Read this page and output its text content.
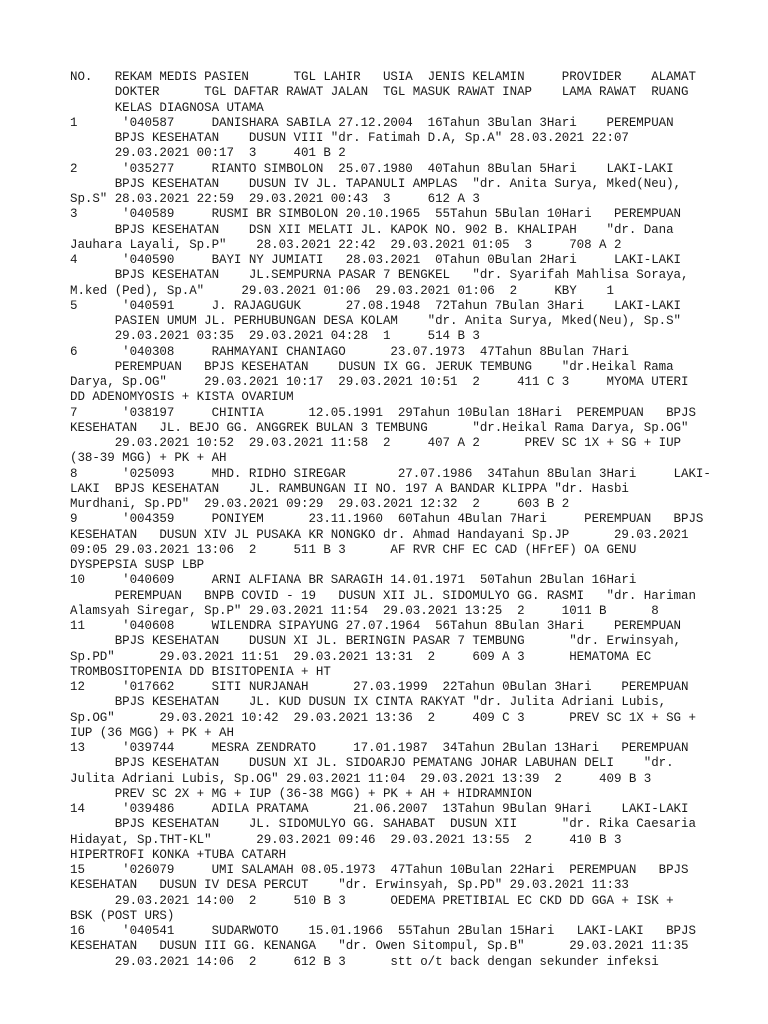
NO.   REKAM MEDIS PASIEN      TGL LAHIR   USIA  JENIS KELAMIN     PROVIDER    ALAMAT
DOKTER      TGL DAFTAR RAWAT JALAN  TGL MASUK RAWAT INAP    LAMA RAWAT  RUANG
KELAS DIAGNOSA UTAMA
1      '040587     DANISHARA SABILA 27.12.2004  16Tahun 3Bulan 3Hari    PEREMPUAN
BPJS KESEHATAN    DUSUN VIII "dr. Fatimah D.A, Sp.A" 28.03.2021 22:07
29.03.2021 00:17  3     401 B 2
2      '035277     RIANTO SIMBOLON  25.07.1980  40Tahun 8Bulan 5Hari    LAKI-LAKI
BPJS KESEHATAN    DUSUN IV JL. TAPANULI AMPLAS  "dr. Anita Surya, Mked(Neu),
Sp.S" 28.03.2021 22:59  29.03.2021 00:43  3     612 A 3
3      '040589     RUSMI BR SIMBOLON 20.10.1965  55Tahun 5Bulan 10Hari   PEREMPUAN
BPJS KESEHATAN    DSN XII MELATI JL. KAPOK NO. 902 B. KHALIPAH    "dr. Dana
Jauhara Layali, Sp.P"    28.03.2021 22:42  29.03.2021 01:05  3     708 A 2
4      '040590     BAYI NY JUMIATI   28.03.2021  0Tahun 0Bulan 2Hari     LAKI-LAKI
BPJS KESEHATAN    JL.SEMPURNA PASAR 7 BENGKEL   "dr. Syarifah Mahlisa Soraya,
M.ked (Ped), Sp.A"     29.03.2021 01:06  29.03.2021 01:06  2     KBY    1
5      '040591     J. RAJAGUGUK      27.08.1948  72Tahun 7Bulan 3Hari    LAKI-LAKI
PASIEN UMUM JL. PERHUBUNGAN DESA KOLAM    "dr. Anita Surya, Mked(Neu), Sp.S"
29.03.2021 03:35  29.03.2021 04:28  1     514 B 3
6      '040308     RAHMAYANI CHANIAGO      23.07.1973  47Tahun 8Bulan 7Hari
PEREMPUAN   BPJS KESEHATAN    DUSUN IX GG. JERUK TEMBUNG    "dr.Heikal Rama
Darya, Sp.OG"     29.03.2021 10:17  29.03.2021 10:51  2     411 C 3     MYOMA UTERI
DD ADENOMYOSIS + KISTA OVARIUM
7      '038197     CHINTIA      12.05.1991  29Tahun 10Bulan 18Hari  PEREMPUAN   BPJS
KESEHATAN   JL. BEJO GG. ANGGREK BULAN 3 TEMBUNG      "dr.Heikal Rama Darya, Sp.OG"
29.03.2021 10:52  29.03.2021 11:58  2     407 A 2      PREV SC 1X + SG + IUP
(38-39 MGG) + PK + AH
8      '025093     MHD. RIDHO SIREGAR       27.07.1986  34Tahun 8Bulan 3Hari     LAKI-
LAKI  BPJS KESEHATAN    JL. RAMBUNGAN II NO. 197 A BANDAR KLIPPA "dr. Hasbi
Murdhani, Sp.PD"  29.03.2021 09:29  29.03.2021 12:32  2     603 B 2
9      '004359     PONIYEM      23.11.1960  60Tahun 4Bulan 7Hari     PEREMPUAN   BPJS
KESEHATAN   DUSUN XIV JL PUSAKA KR NONGKO dr. Ahmad Handayani Sp.JP      29.03.2021
09:05 29.03.2021 13:06  2     511 B 3      AF RVR CHF EC CAD (HFrEF) OA GENU
DYSPEPSIA SUSP LBP
10     '040609     ARNI ALFIANA BR SARAGIH 14.01.1971  50Tahun 2Bulan 16Hari
PEREMPUAN   BNPB COVID - 19   DUSUN XII JL. SIDOMULYO GG. RASMI   "dr. Hariman
Alamsyah Siregar, Sp.P" 29.03.2021 11:54  29.03.2021 13:25  2     1011 B      8
11     '040608     WILENDRA SIPAYUNG 27.07.1964  56Tahun 8Bulan 3Hari    PEREMPUAN
BPJS KESEHATAN    DUSUN XI JL. BERINGIN PASAR 7 TEMBUNG      "dr. Erwinsyah,
Sp.PD"      29.03.2021 11:51  29.03.2021 13:31  2     609 A 3      HEMATOMA EC
TROMBOSITOPENIA DD BISITOPENIA + HT
12     '017662     SITI NURJANAH      27.03.1999  22Tahun 0Bulan 3Hari    PEREMPUAN
BPJS KESEHATAN    JL. KUD DUSUN IX CINTA RAKYAT "dr. Julita Adriani Lubis,
Sp.OG"      29.03.2021 10:42  29.03.2021 13:36  2     409 C 3      PREV SC 1X + SG +
IUP (36 MGG) + PK + AH
13     '039744     MESRA ZENDRATO     17.01.1987  34Tahun 2Bulan 13Hari   PEREMPUAN
BPJS KESEHATAN    DUSUN XI JL. SIDOARJO PEMATANG JOHAR LABUHAN DELI    "dr.
Julita Adriani Lubis, Sp.OG" 29.03.2021 11:04  29.03.2021 13:39  2     409 B 3
PREV SC 2X + MG + IUP (36-38 MGG) + PK + AH + HIDRAMNION
14     '039486     ADILA PRATAMA      21.06.2007  13Tahun 9Bulan 9Hari    LAKI-LAKI
BPJS KESEHATAN    JL. SIDOMULYO GG. SAHABAT  DUSUN XII      "dr. Rika Caesaria
Hidayat, Sp.THT-KL"      29.03.2021 09:46  29.03.2021 13:55  2     410 B 3
HIPERTROFI KONKA +TUBA CATARH
15     '026079     UMI SALAMAH 08.05.1973  47Tahun 10Bulan 22Hari  PEREMPUAN   BPJS
KESEHATAN   DUSUN IV DESA PERCUT    "dr. Erwinsyah, Sp.PD" 29.03.2021 11:33
29.03.2021 14:00  2     510 B 3      OEDEMA PRETIBIAL EC CKD DD GGA + ISK +
BSK (POST URS)
16     '040541     SUDARWOTO    15.01.1966  55Tahun 2Bulan 15Hari   LAKI-LAKI   BPJS
KESEHATAN   DUSUN III GG. KENANGA   "dr. Owen Sitompul, Sp.B"      29.03.2021 11:35
29.03.2021 14:06  2     612 B 3      stt o/t back dengan sekunder infeksi
